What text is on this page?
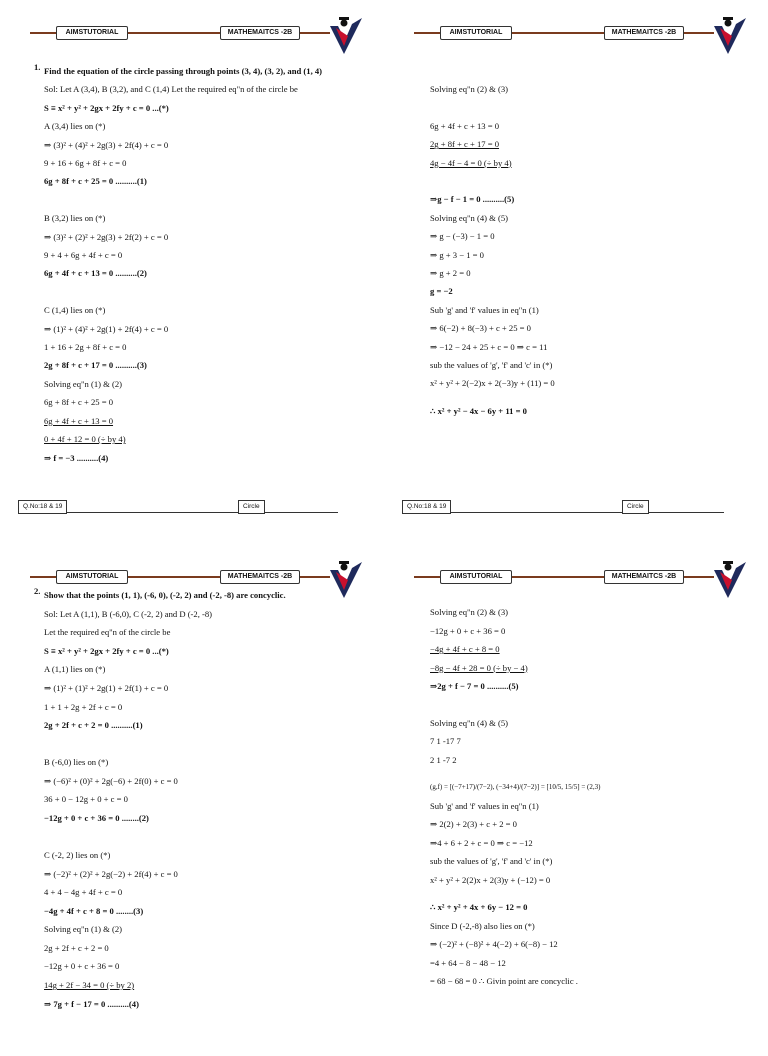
AIMSTUTORIAL	MATHEMAITCS -2B
1. Find the equation of the circle passing through points (3, 4), (3, 2), and (1, 4)
Sol: Let A (3,4), B (3,2), and C (1,4) Let the required eq"n of the circle be
S ≡ x² + y² + 2gx + 2fy + c = 0 ...(*)
A (3,4) lies on (*)
⇒ (3)² + (4)² + 2g(3) + 2f(4) + c = 0
9 + 16 + 6g + 8f + c = 0
6g + 8f + c + 25 = 0 ..........(1)
B (3,2) lies on (*)
⇒ (3)² + (2)² + 2g(3) + 2f(2) + c = 0
9 + 4 + 6g + 4f + c = 0
6g + 4f + c + 13 = 0 ..........(2)
C (1,4) lies on (*)
⇒ (1)² + (4)² + 2g(1) + 2f(4) + c = 0
1 + 16 + 2g + 8f + c = 0
2g + 8f + c + 17 = 0 ..........(3)
Solving eq"n (1) & (2)
6g + 8f + c + 25 = 0
6g + 4f + c + 13 = 0
0 + 4f + 12 = 0 (÷ by 4)
⇒ f = −3 ..........(4)
Q.No:18 & 19	Circle
AIMSTUTORIAL	MATHEMAITCS -2B
Solving eq"n (2) & (3)
6g + 4f + c + 13 = 0
2g + 8f + c + 17 = 0
4g − 4f − 4 = 0 (÷ by 4)
⇒g − f − 1 = 0 ..........(5)
Solving eq"n (4) & (5)
⇒ g − (−3) − 1 = 0
⇒ g + 3 − 1 = 0
⇒ g + 2 = 0
g = −2
Sub 'g' and 'f' values in eq"n (1)
⇒ 6(−2) + 8(−3) + c + 25 = 0
⇒ −12 − 24 + 25 + c = 0 ⇒ c = 11
sub the values of 'g', 'f' and 'c' in (*)
x² + y² + 2(−2)x + 2(−3)y + (11) = 0
∴ x² + y² − 4x − 6y + 11 = 0
Q.No:18 & 19	Circle
AIMSTUTORIAL	MATHEMAITCS -2B
2. Show that the points (1, 1), (-6, 0), (-2, 2) and (-2, -8) are concyclic.
Sol: Let A (1,1), B (-6,0), C (-2, 2) and D (-2, -8)
Let the required eq"n of the circle be
S ≡ x² + y² + 2gx + 2fy + c = 0 ...(*)
A (1,1) lies on (*)
⇒ (1)² + (1)² + 2g(1) + 2f(1) + c = 0
1 + 1 + 2g + 2f + c = 0
2g + 2f + c + 2 = 0 ..........(1)
B (-6,0) lies on (*)
⇒ (−6)² + (0)² + 2g(−6) + 2f(0) + c = 0
36 + 0 − 12g + 0 + c = 0
−12g + 0 + c + 36 = 0 ........(2)
C (-2, 2) lies on (*)
⇒ (−2)² + (2)² + 2g(−2) + 2f(4) + c = 0
4 + 4 − 4g + 4f + c = 0
−4g + 4f + c + 8 = 0 ........(3)
Solving eq"n (1) & (2)
2g + 2f + c + 2 = 0
−12g + 0 + c + 36 = 0
14g + 2f − 34 = 0 (÷ by 2)
⇒ 7g + f − 17 = 0 ..........(4)
AIMSTUTORIAL	MATHEMAITCS -2B
Solving eq"n (2) & (3)
−12g + 0 + c + 36 = 0
−4g + 4f + c + 8 = 0
−8g − 4f + 28 = 0 (÷ by − 4)
⇒2g + f − 7 = 0 ..........(5)
Solving eq"n (4) & (5)
7 1 -17 7
2 1 -7 2
(g,f) = [(−7+17)/(7−2), (−34+4)/(7−2)] = [10/5, 15/5] = (2,3)
Sub 'g' and 'f' values in eq"n (1)
⇒ 2(2) + 2(3) + c + 2 = 0
⇒4 + 6 + 2 + c = 0 ⇒ c = −12
sub the values of 'g', 'f' and 'c' in (*)
x² + y² + 2(2)x + 2(3)y + (−12) = 0
∴ x² + y² + 4x + 6y − 12 = 0
Since D (-2,-8) also lies on (*)
⇒ (−2)² + (−8)² + 4(−2) + 6(−8) − 12
=4 + 64 − 8 − 48 − 12
= 68 − 68 = 0 ∴ Givin point are concyclic .
